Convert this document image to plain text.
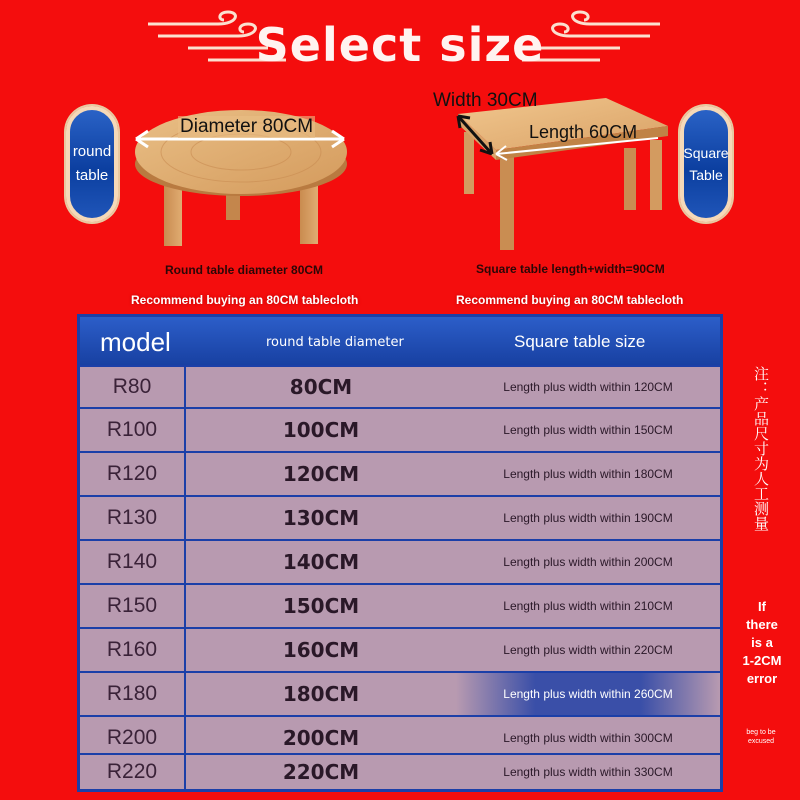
Select size
Diameter 80CM
Width 30CM
Length 60CM
round
table
Square
Table
Round table diameter 80CM	Square table length+width=90CM
Recommend buying an 80CM tablecloth	Recommend buying an 80CM tablecloth
model	round table diameter	Square table size
R80	80CM	Length plus width within 120CM
R100	100CM	Length plus width within 150CM
R120	120CM	Length plus width within 180CM
R130	130CM	Length plus width within 190CM
R140	140CM	Length plus width within 200CM
R150	150CM	Length plus width within 210CM
R160	160CM	Length plus width within 220CM
R180	180CM	Length plus width within 260CM
R200	200CM	Length plus width within 300CM
R220	220CM	Length plus width within 330CM
注：产品尺寸为人工测量
If
there
is a
1-2CM
error
beg to be
excused
